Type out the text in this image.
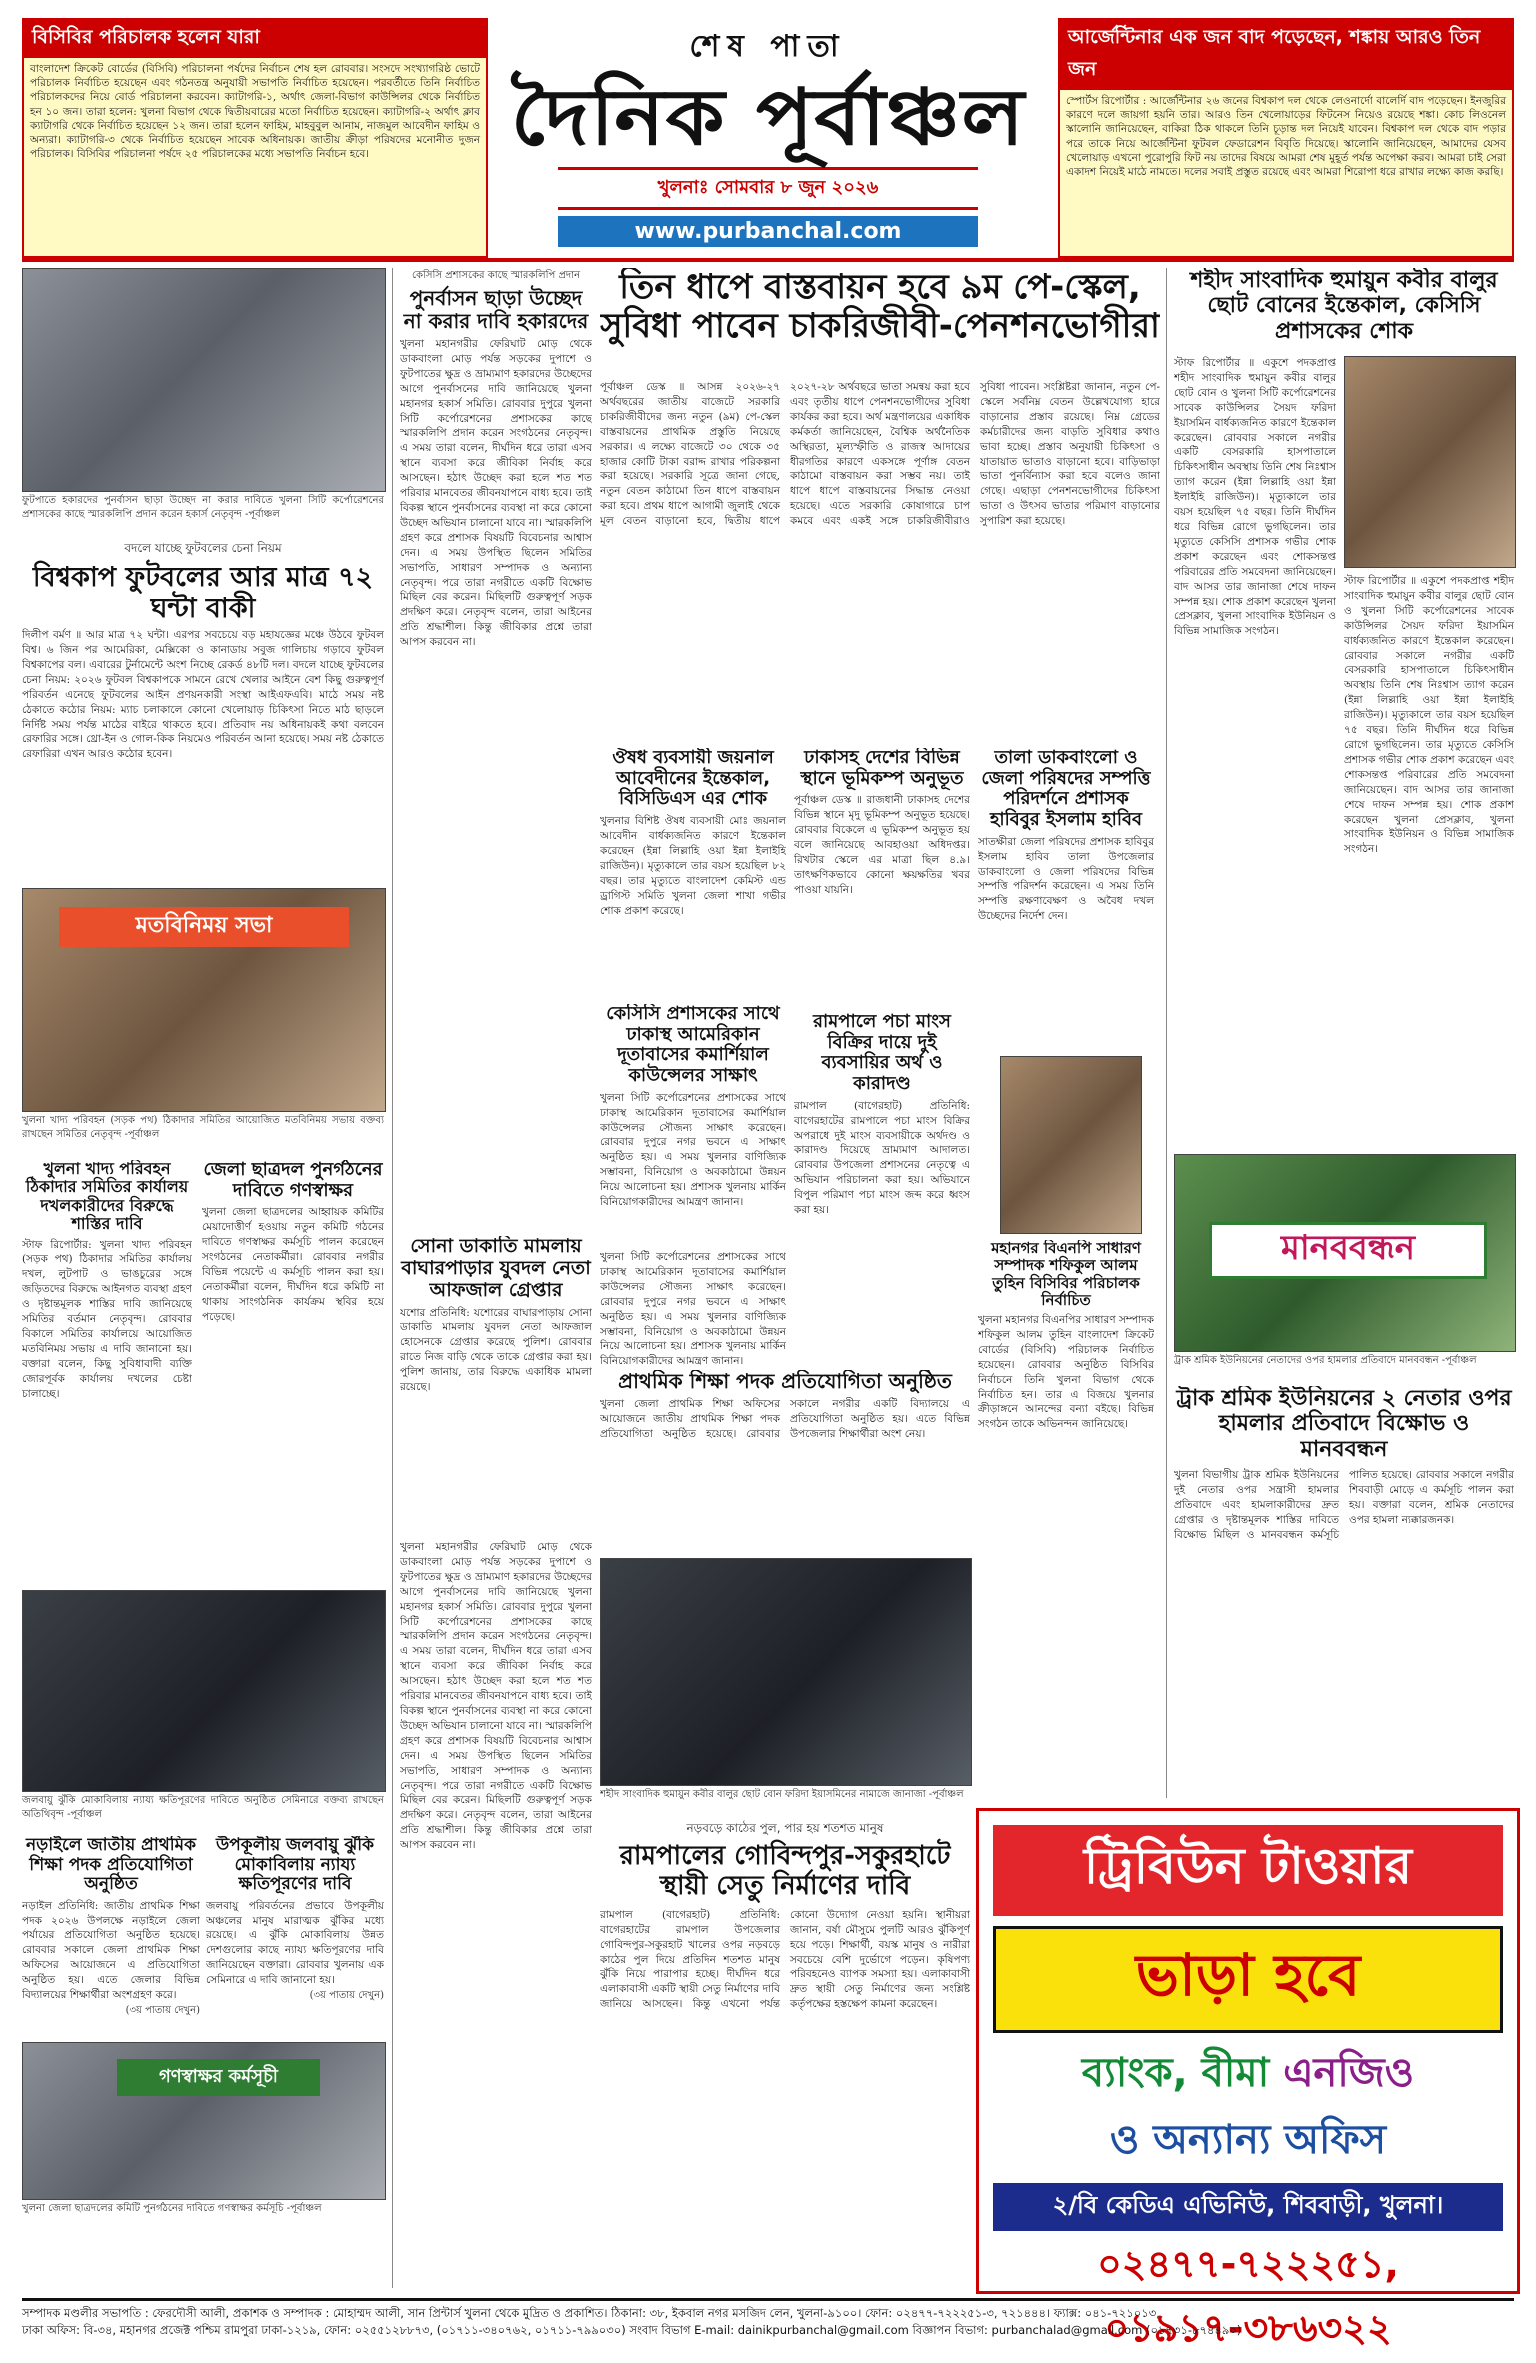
বিসিবির পরিচালক হলেন যারা
বাংলাদেশ ক্রিকেট বোর্ডের (বিসিবি) পরিচালনা পর্ষদের নির্বাচন শেষ হল রোববার। সংসদে সংখ্যাগরিষ্ঠ ভোটে পরিচালক নির্বাচিত হয়েছেন এবং গঠনতন্ত্র অনুযায়ী সভাপতি নির্বাচিত হয়েছেন। পরবর্তীতে তিনি নির্বাচিত পরিচালকদের নিয়ে বোর্ড পরিচালনা করবেন। ক্যাটাগরি-১, অর্থাৎ জেলা-বিভাগ কাউন্সিলর থেকে নির্বাচিত হন ১০ জন। তারা হলেন: খুলনা বিভাগ থেকে দ্বিতীয়বারের মতো নির্বাচিত হয়েছেন। ক্যাটাগরি-২ অর্থাৎ ক্লাব ক্যাটাগরি থেকে নির্বাচিত হয়েছেন ১২ জন। তারা হলেন ফাহিম, মাহবুবুল আনাম, নাজমুল আবেদীন ফাহিম ও অন্যরা। ক্যাটাগরি-৩ থেকে নির্বাচিত হয়েছেন সাবেক অধিনায়ক। জাতীয় ক্রীড়া পরিষদের মনোনীত দুজন পরিচালক। বিসিবির পরিচালনা পর্ষদে ২৫ পরিচালকের মধ্যে সভাপতি নির্বাচন হবে।
শেষ পাতা
দৈনিক পূর্বাঞ্চল
খুলনাঃ সোমবার ৮ জুন ২০২৬
www.purbanchal.com
আর্জেন্টিনার এক জন বাদ পড়েছেন, শঙ্কায় আরও তিন জন
স্পোর্টস রিপোর্টার : আর্জেন্টিনার ২৬ জনের বিশ্বকাপ দল থেকে লেওনার্দো বালের্দি বাদ পড়েছেন। ইনজুরির কারণে দলে জায়গা হয়নি তার। আরও তিন খেলোয়াড়ের ফিটনেস নিয়েও রয়েছে শঙ্কা। কোচ লিওনেল স্কালোনি জানিয়েছেন, বাকিরা ঠিক থাকলে তিনি চূড়ান্ত দল নিয়েই যাবেন। বিশ্বকাপ দল থেকে বাদ পড়ার পরে তাকে নিয়ে আর্জেন্টিনা ফুটবল ফেডারেশন বিবৃতি দিয়েছে। স্কালোনি জানিয়েছেন, আমাদের যেসব খেলোয়াড় এখনো পুরোপুরি ফিট নয় তাদের বিষয়ে আমরা শেষ মুহূর্ত পর্যন্ত অপেক্ষা করব। আমরা চাই সেরা একাদশ নিয়েই মাঠে নামতে। দলের সবাই প্রস্তুত রয়েছে এবং আমরা শিরোপা ধরে রাখার লক্ষ্যে কাজ করছি।
ফুটপাতে হকারদের পুনর্বাসন ছাড়া উচ্ছেদ না করার দাবিতে খুলনা সিটি কর্পোরেশনের প্রশাসকের কাছে স্মারকলিপি প্রদান করেন হকার্স নেতৃবৃন্দ -পূর্বাঞ্চল
বদলে যাচ্ছে ফুটবলের চেনা নিয়ম
বিশ্বকাপ ফুটবলের আর মাত্র ৭২ ঘন্টা বাকী
দিলীপ বর্মণ ॥ আর মাত্র ৭২ ঘন্টা। এরপর সবচেয়ে বড় মহাযজ্ঞের মঞ্চে উঠবে ফুটবল বিশ্ব। ৬ জিন পর আমেরিকা, মেক্সিকো ও কানাডায় সবুজ গালিচায় গড়াবে ফুটবল বিশ্বকাপের বল। এবারের টুর্নামেন্টে অংশ নিচ্ছে রেকর্ড ৪৮টি দল। বদলে যাচ্ছে ফুটবলের চেনা নিয়ম: ২০২৬ ফুটবল বিশ্বকাপকে সামনে রেখে খেলার আইনে বেশ কিছু গুরুত্বপূর্ণ পরিবর্তন এনেছে ফুটবলের আইন প্রণয়নকারী সংস্থা আইএফএবি। মাঠে সময় নষ্ট ঠেকাতে কঠোর নিয়ম: ম্যাচ চলাকালে কোনো খেলোয়াড় চিকিৎসা নিতে মাঠ ছাড়লে নির্দিষ্ট সময় পর্যন্ত মাঠের বাইরে থাকতে হবে। প্রতিবাদ নয় অধিনায়কই কথা বলবেন রেফারির সঙ্গে। থ্রো-ইন ও গোল-কিক নিয়মেও পরিবর্তন আনা হয়েছে। সময় নষ্ট ঠেকাতে রেফারিরা এখন আরও কঠোর হবেন।
মতবিনিময় সভা
খুলনা খাদ্য পরিবহন (সড়ক পথ) ঠিকাদার সমিতির আয়োজিত মতবিনিময় সভায় বক্তব্য রাখছেন সমিতির নেতৃবৃন্দ -পূর্বাঞ্চল
খুলনা খাদ্য পরিবহন ঠিকাদার সমিতির কার্যালয় দখলকারীদের বিরুদ্ধে শাস্তির দাবি
স্টাফ রিপোর্টার: খুলনা খাদ্য পরিবহন (সড়ক পথ) ঠিকাদার সমিতির কার্যালয় দখল, লুটপাট ও ভাঙচুরের সঙ্গে জড়িতদের বিরুদ্ধে আইনগত ব্যবস্থা গ্রহণ ও দৃষ্টান্তমূলক শাস্তির দাবি জানিয়েছে সমিতির বর্তমান নেতৃবৃন্দ। রোববার বিকালে সমিতির কার্যালয়ে আয়োজিত মতবিনিময় সভায় এ দাবি জানানো হয়। বক্তারা বলেন, কিছু সুবিধাবাদী ব্যক্তি জোরপূর্বক কার্যালয় দখলের চেষ্টা চালাচ্ছে।
জেলা ছাত্রদল পুনর্গঠনের দাবিতে গণস্বাক্ষর
খুলনা জেলা ছাত্রদলের আহ্বায়ক কমিটির মেয়াদোত্তীর্ণ হওয়ায় নতুন কমিটি গঠনের দাবিতে গণস্বাক্ষর কর্মসূচি পালন করেছেন সংগঠনের নেতাকর্মীরা। রোববার নগরীর বিভিন্ন পয়েন্টে এ কর্মসূচি পালন করা হয়। নেতাকর্মীরা বলেন, দীর্ঘদিন ধরে কমিটি না থাকায় সাংগঠনিক কার্যক্রম স্থবির হয়ে পড়েছে।
জলবায়ু ঝুঁকি মোকাবিলায় ন্যায্য ক্ষতিপূরণের দাবিতে অনুষ্ঠিত সেমিনারে বক্তব্য রাখছেন অতিথিবৃন্দ -পূর্বাঞ্চল
নড়াইলে জাতীয় প্রাথমিক শিক্ষা পদক প্রতিযোগিতা অনুষ্ঠিত
নড়াইল প্রতিনিধি: জাতীয় প্রাথমিক শিক্ষা পদক ২০২৬ উপলক্ষে নড়াইলে জেলা পর্যায়ের প্রতিযোগিতা অনুষ্ঠিত হয়েছে। রোববার সকালে জেলা প্রাথমিক শিক্ষা অফিসের আয়োজনে এ প্রতিযোগিতা অনুষ্ঠিত হয়। এতে জেলার বিভিন্ন বিদ্যালয়ের শিক্ষার্থীরা অংশগ্রহণ করে।
(৩য় পাতায় দেখুন)
উপকূলীয় জলবায়ু ঝুঁকি মোকাবিলায় ন্যায্য ক্ষতিপূরণের দাবি
জলবায়ু পরিবর্তনের প্রভাবে উপকূলীয় অঞ্চলের মানুষ মারাত্মক ঝুঁকির মধ্যে রয়েছে। এ ঝুঁকি মোকাবিলায় উন্নত দেশগুলোর কাছে ন্যায্য ক্ষতিপূরণের দাবি জানিয়েছেন বক্তারা। রোববার খুলনায় এক সেমিনারে এ দাবি জানানো হয়।
(৩য় পাতায় দেখুন)
গণস্বাক্ষর কর্মসূচী
খুলনা জেলা ছাত্রদলের কমিটি পুনর্গঠনের দাবিতে গণস্বাক্ষর কর্মসূচি -পূর্বাঞ্চল
কেসিসি প্রশাসকের কাছে স্মারকলিপি প্রদান
পুনর্বাসন ছাড়া উচ্ছেদ না করার দাবি হকারদের
খুলনা মহানগরীর ফেরিঘাট মোড় থেকে ডাকবাংলা মোড় পর্যন্ত সড়কের দুপাশে ও ফুটপাতের ক্ষুদ্র ও ভ্রাম্যমাণ হকারদের উচ্ছেদের আগে পুনর্বাসনের দাবি জানিয়েছে খুলনা মহানগর হকার্স সমিতি। রোববার দুপুরে খুলনা সিটি কর্পোরেশনের প্রশাসকের কাছে স্মারকলিপি প্রদান করেন সংগঠনের নেতৃবৃন্দ। এ সময় তারা বলেন, দীর্ঘদিন ধরে তারা এসব স্থানে ব্যবসা করে জীবিকা নির্বাহ করে আসছেন। হঠাৎ উচ্ছেদ করা হলে শত শত পরিবার মানবেতর জীবনযাপনে বাধ্য হবে। তাই বিকল্প স্থানে পুনর্বাসনের ব্যবস্থা না করে কোনো উচ্ছেদ অভিযান চালানো যাবে না। স্মারকলিপি গ্রহণ করে প্রশাসক বিষয়টি বিবেচনার আশ্বাস দেন। এ সময় উপস্থিত ছিলেন সমিতির সভাপতি, সাধারণ সম্পাদক ও অন্যান্য নেতৃবৃন্দ। পরে তারা নগরীতে একটি বিক্ষোভ মিছিল বের করেন। মিছিলটি গুরুত্বপূর্ণ সড়ক প্রদক্ষিণ করে। নেতৃবৃন্দ বলেন, তারা আইনের প্রতি শ্রদ্ধাশীল। কিন্তু জীবিকার প্রশ্নে তারা আপস করবেন না।
সোনা ডাকাতি মামলায় বাঘারপাড়ার যুবদল নেতা আফজাল গ্রেপ্তার
যশোর প্রতিনিধি: যশোরের বাঘারপাড়ায় সোনা ডাকাতি মামলায় যুবদল নেতা আফজাল হোসেনকে গ্রেপ্তার করেছে পুলিশ। রোববার রাতে নিজ বাড়ি থেকে তাকে গ্রেপ্তার করা হয়। পুলিশ জানায়, তার বিরুদ্ধে একাধিক মামলা রয়েছে।
খুলনা মহানগরীর ফেরিঘাট মোড় থেকে ডাকবাংলা মোড় পর্যন্ত সড়কের দুপাশে ও ফুটপাতের ক্ষুদ্র ও ভ্রাম্যমাণ হকারদের উচ্ছেদের আগে পুনর্বাসনের দাবি জানিয়েছে খুলনা মহানগর হকার্স সমিতি। রোববার দুপুরে খুলনা সিটি কর্পোরেশনের প্রশাসকের কাছে স্মারকলিপি প্রদান করেন সংগঠনের নেতৃবৃন্দ। এ সময় তারা বলেন, দীর্ঘদিন ধরে তারা এসব স্থানে ব্যবসা করে জীবিকা নির্বাহ করে আসছেন। হঠাৎ উচ্ছেদ করা হলে শত শত পরিবার মানবেতর জীবনযাপনে বাধ্য হবে। তাই বিকল্প স্থানে পুনর্বাসনের ব্যবস্থা না করে কোনো উচ্ছেদ অভিযান চালানো যাবে না। স্মারকলিপি গ্রহণ করে প্রশাসক বিষয়টি বিবেচনার আশ্বাস দেন। এ সময় উপস্থিত ছিলেন সমিতির সভাপতি, সাধারণ সম্পাদক ও অন্যান্য নেতৃবৃন্দ। পরে তারা নগরীতে একটি বিক্ষোভ মিছিল বের করেন। মিছিলটি গুরুত্বপূর্ণ সড়ক প্রদক্ষিণ করে। নেতৃবৃন্দ বলেন, তারা আইনের প্রতি শ্রদ্ধাশীল। কিন্তু জীবিকার প্রশ্নে তারা আপস করবেন না।
তিন ধাপে বাস্তবায়ন হবে ৯ম পে-স্কেল,
সুবিধা পাবেন চাকরিজীবী-পেনশনভোগীরা
পূর্বাঞ্চল ডেস্ক ॥ আসন্ন ২০২৬-২৭ অর্থবছরের জাতীয় বাজেটে সরকারি চাকরিজীবীদের জন্য নতুন (৯ম) পে-স্কেল বাস্তবায়নের প্রাথমিক প্রস্তুতি নিয়েছে সরকার। এ লক্ষ্যে বাজেটে ৩০ থেকে ৩৫ হাজার কোটি টাকা বরাদ্দ রাখার পরিকল্পনা করা হয়েছে। সরকারি সূত্রে জানা গেছে, নতুন বেতন কাঠামো তিন ধাপে বাস্তবায়ন করা হবে। প্রথম ধাপে আগামী জুলাই থেকে মূল বেতন বাড়ানো হবে, দ্বিতীয় ধাপে ২০২৭-২৮ অর্থবছরে ভাতা সমন্বয় করা হবে এবং তৃতীয় ধাপে পেনশনভোগীদের সুবিধা কার্যকর করা হবে। অর্থ মন্ত্রণালয়ের একাধিক কর্মকর্তা জানিয়েছেন, বৈশ্বিক অর্থনৈতিক অস্থিরতা, মূল্যস্ফীতি ও রাজস্ব আদায়ের ধীরগতির কারণে একসঙ্গে পূর্ণাঙ্গ বেতন কাঠামো বাস্তবায়ন করা সম্ভব নয়। তাই ধাপে ধাপে বাস্তবায়নের সিদ্ধান্ত নেওয়া হয়েছে। এতে সরকারি কোষাগারে চাপ কমবে এবং একই সঙ্গে চাকরিজীবীরাও সুবিধা পাবেন। সংশ্লিষ্টরা জানান, নতুন পে-স্কেলে সর্বনিম্ন বেতন উল্লেখযোগ্য হারে বাড়ানোর প্রস্তাব রয়েছে। নিম্ন গ্রেডের কর্মচারীদের জন্য বাড়তি সুবিধার কথাও ভাবা হচ্ছে। প্রস্তাব অনুযায়ী চিকিৎসা ও যাতায়াত ভাতাও বাড়ানো হবে। বাড়িভাড়া ভাতা পুনর্বিন্যাস করা হবে বলেও জানা গেছে। এছাড়া পেনশনভোগীদের চিকিৎসা ভাতা ও উৎসব ভাতার পরিমাণ বাড়ানোর সুপারিশ করা হয়েছে।
ঔষধ ব্যবসায়ী জয়নাল আবেদীনের ইন্তেকাল, বিসিডিএস এর শোক
খুলনার বিশিষ্ট ঔষধ ব্যবসায়ী মোঃ জয়নাল আবেদীন বার্ধক্যজনিত কারণে ইন্তেকাল করেছেন (ইন্না লিল্লাহি ওয়া ইন্না ইলাইহি রাজিউন)। মৃত্যুকালে তার বয়স হয়েছিল ৮২ বছর। তার মৃত্যুতে বাংলাদেশ কেমিস্ট এন্ড ড্রাগিস্ট সমিতি খুলনা জেলা শাখা গভীর শোক প্রকাশ করেছে।
কেসিসি প্রশাসকের সাথে ঢাকাস্থ আমেরিকান দূতাবাসের কমার্শিয়াল কাউন্সেলর সাক্ষাৎ
খুলনা সিটি কর্পোরেশনের প্রশাসকের সাথে ঢাকাস্থ আমেরিকান দূতাবাসের কমার্শিয়াল কাউন্সেলর সৌজন্য সাক্ষাৎ করেছেন। রোববার দুপুরে নগর ভবনে এ সাক্ষাৎ অনুষ্ঠিত হয়। এ সময় খুলনার বাণিজ্যিক সম্ভাবনা, বিনিয়োগ ও অবকাঠামো উন্নয়ন নিয়ে আলোচনা হয়। প্রশাসক খুলনায় মার্কিন বিনিয়োগকারীদের আমন্ত্রণ জানান।
খুলনা সিটি কর্পোরেশনের প্রশাসকের সাথে ঢাকাস্থ আমেরিকান দূতাবাসের কমার্শিয়াল কাউন্সেলর সৌজন্য সাক্ষাৎ করেছেন। রোববার দুপুরে নগর ভবনে এ সাক্ষাৎ অনুষ্ঠিত হয়। এ সময় খুলনার বাণিজ্যিক সম্ভাবনা, বিনিয়োগ ও অবকাঠামো উন্নয়ন নিয়ে আলোচনা হয়। প্রশাসক খুলনায় মার্কিন বিনিয়োগকারীদের আমন্ত্রণ জানান।
ঢাকাসহ দেশের বিভিন্ন স্থানে ভূমিকম্প অনুভূত
পূর্বাঞ্চল ডেস্ক ॥ রাজধানী ঢাকাসহ দেশের বিভিন্ন স্থানে মৃদু ভূমিকম্প অনুভূত হয়েছে। রোববার বিকেলে এ ভূমিকম্প অনুভূত হয় বলে জানিয়েছে আবহাওয়া অধিদপ্তর। রিখটার স্কেলে এর মাত্রা ছিল ৪.৯। তাৎক্ষণিকভাবে কোনো ক্ষয়ক্ষতির খবর পাওয়া যায়নি।
রামপালে পচা মাংস বিক্রির দায়ে দুই ব্যবসায়ির অর্থ ও কারাদণ্ড
রামপাল (বাগেরহাট) প্রতিনিধি: বাগেরহাটের রামপালে পচা মাংস বিক্রির অপরাধে দুই মাংস ব্যবসায়ীকে অর্থদণ্ড ও কারাদণ্ড দিয়েছে ভ্রাম্যমাণ আদালত। রোববার উপজেলা প্রশাসনের নেতৃত্বে এ অভিযান পরিচালনা করা হয়। অভিযানে বিপুল পরিমাণ পচা মাংস জব্দ করে ধ্বংস করা হয়।
প্রাথমিক শিক্ষা পদক প্রতিযোগিতা অনুষ্ঠিত
খুলনা জেলা প্রাথমিক শিক্ষা অফিসের আয়োজনে জাতীয় প্রাথমিক শিক্ষা পদক প্রতিযোগিতা অনুষ্ঠিত হয়েছে। রোববার সকালে নগরীর একটি বিদ্যালয়ে এ প্রতিযোগিতা অনুষ্ঠিত হয়। এতে বিভিন্ন উপজেলার শিক্ষার্থীরা অংশ নেয়।
শহীদ সাংবাদিক হুমায়ুন কবীর বালুর ছোট বোন ফরিদা ইয়াসমিনের নামাজে জানাজা -পূর্বাঞ্চল
নড়বড়ে কাঠের পুল, পার হয় শতশত মানুষ
রামপালের গোবিন্দপুর-সকুরহাটে স্থায়ী সেতু নির্মাণের দাবি
রামপাল (বাগেরহাট) প্রতিনিধি: বাগেরহাটের রামপাল উপজেলার গোবিন্দপুর-সকুরহাট খালের ওপর নড়বড়ে কাঠের পুল দিয়ে প্রতিদিন শতশত মানুষ ঝুঁকি নিয়ে পারাপার হচ্ছে। দীর্ঘদিন ধরে এলাকাবাসী একটি স্থায়ী সেতু নির্মাণের দাবি জানিয়ে আসছেন। কিন্তু এখনো পর্যন্ত কোনো উদ্যোগ নেওয়া হয়নি। স্থানীয়রা জানান, বর্ষা মৌসুমে পুলটি আরও ঝুঁকিপূর্ণ হয়ে পড়ে। শিক্ষার্থী, বয়স্ক মানুষ ও নারীরা সবচেয়ে বেশি দুর্ভোগে পড়েন। কৃষিপণ্য পরিবহনেও ব্যাপক সমস্যা হয়। এলাকাবাসী দ্রুত স্থায়ী সেতু নির্মাণের জন্য সংশ্লিষ্ট কর্তৃপক্ষের হস্তক্ষেপ কামনা করেছেন।
তালা ডাকবাংলো ও জেলা পরিষদের সম্পত্তি পরিদর্শনে প্রশাসক হাবিবুর ইসলাম হাবিব
সাতক্ষীরা জেলা পরিষদের প্রশাসক হাবিবুর ইসলাম হাবিব তালা উপজেলার ডাকবাংলো ও জেলা পরিষদের বিভিন্ন সম্পত্তি পরিদর্শন করেছেন। এ সময় তিনি সম্পত্তি রক্ষণাবেক্ষণ ও অবৈধ দখল উচ্ছেদের নির্দেশ দেন।
মহানগর বিএনপি সাধারণ সম্পাদক শফিকুল আলম তুহিন বিসিবির পরিচালক নির্বাচিত
খুলনা মহানগর বিএনপির সাধারণ সম্পাদক শফিকুল আলম তুহিন বাংলাদেশ ক্রিকেট বোর্ডের (বিসিবি) পরিচালক নির্বাচিত হয়েছেন। রোববার অনুষ্ঠিত বিসিবির নির্বাচনে তিনি খুলনা বিভাগ থেকে নির্বাচিত হন। তার এ বিজয়ে খুলনার ক্রীড়াঙ্গনে আনন্দের বন্যা বইছে। বিভিন্ন সংগঠন তাকে অভিনন্দন জানিয়েছে।
শহীদ সাংবাদিক হুমায়ুন কবীর বালুর ছোট বোনের ইন্তেকাল, কেসিসি প্রশাসকের শোক
স্টাফ রিপোর্টার ॥ একুশে পদকপ্রাপ্ত শহীদ সাংবাদিক হুমায়ুন কবীর বালুর ছোট বোন ও খুলনা সিটি কর্পোরেশনের সাবেক কাউন্সিলর সৈয়দ ফরিদা ইয়াসমিন বার্ধক্যজনিত কারণে ইন্তেকাল করেছেন। রোববার সকালে নগরীর একটি বেসরকারি হাসপাতালে চিকিৎসাধীন অবস্থায় তিনি শেষ নিঃশ্বাস ত্যাগ করেন (ইন্না লিল্লাহি ওয়া ইন্না ইলাইহি রাজিউন)। মৃত্যুকালে তার বয়স হয়েছিল ৭৫ বছর। তিনি দীর্ঘদিন ধরে বিভিন্ন রোগে ভুগছিলেন। তার মৃত্যুতে কেসিসি প্রশাসক গভীর শোক প্রকাশ করেছেন এবং শোকসন্তপ্ত পরিবারের প্রতি সমবেদনা জানিয়েছেন। বাদ আসর তার জানাজা শেষে দাফন সম্পন্ন হয়। শোক প্রকাশ করেছেন খুলনা প্রেসক্লাব, খুলনা সাংবাদিক ইউনিয়ন ও বিভিন্ন সামাজিক সংগঠন।
স্টাফ রিপোর্টার ॥ একুশে পদকপ্রাপ্ত শহীদ সাংবাদিক হুমায়ুন কবীর বালুর ছোট বোন ও খুলনা সিটি কর্পোরেশনের সাবেক কাউন্সিলর সৈয়দ ফরিদা ইয়াসমিন বার্ধক্যজনিত কারণে ইন্তেকাল করেছেন। রোববার সকালে নগরীর একটি বেসরকারি হাসপাতালে চিকিৎসাধীন অবস্থায় তিনি শেষ নিঃশ্বাস ত্যাগ করেন (ইন্না লিল্লাহি ওয়া ইন্না ইলাইহি রাজিউন)। মৃত্যুকালে তার বয়স হয়েছিল ৭৫ বছর। তিনি দীর্ঘদিন ধরে বিভিন্ন রোগে ভুগছিলেন। তার মৃত্যুতে কেসিসি প্রশাসক গভীর শোক প্রকাশ করেছেন এবং শোকসন্তপ্ত পরিবারের প্রতি সমবেদনা জানিয়েছেন। বাদ আসর তার জানাজা শেষে দাফন সম্পন্ন হয়। শোক প্রকাশ করেছেন খুলনা প্রেসক্লাব, খুলনা সাংবাদিক ইউনিয়ন ও বিভিন্ন সামাজিক সংগঠন।
মানববন্ধন
ট্রাক শ্রমিক ইউনিয়নের নেতাদের ওপর হামলার প্রতিবাদে মানববন্ধন -পূর্বাঞ্চল
ট্রাক শ্রমিক ইউনিয়নের ২ নেতার ওপর হামলার প্রতিবাদে বিক্ষোভ ও মানববন্ধন
খুলনা বিভাগীয় ট্রাক শ্রমিক ইউনিয়নের দুই নেতার ওপর সন্ত্রাসী হামলার প্রতিবাদে এবং হামলাকারীদের দ্রুত গ্রেপ্তার ও দৃষ্টান্তমূলক শাস্তির দাবিতে বিক্ষোভ মিছিল ও মানববন্ধন কর্মসূচি পালিত হয়েছে। রোববার সকালে নগরীর শিববাড়ী মোড়ে এ কর্মসূচি পালন করা হয়। বক্তারা বলেন, শ্রমিক নেতাদের ওপর হামলা ন্যক্কারজনক।
ট্রিবিউন টাওয়ার
ভাড়া হবে
ব্যাংক, বীমা এনজিও
ও অন্যান্য অফিস
২/বি কেডিএ এভিনিউ, শিববাড়ী, খুলনা।
০২৪৭৭-৭২২২৫১, ০১৯১৭-৩৮৬৩২২
সম্পাদক মণ্ডলীর সভাপতি : ফেরদৌসী আলী, প্রকাশক ও সম্পাদক : মোহাম্মদ আলী, সান প্রিন্টার্স খুলনা থেকে মুদ্রিত ও প্রকাশিত। ঠিকানা: ৩৮, ইকবাল নগর মসজিদ লেন, খুলনা-৯১০০। ফোন: ০২৪৭৭-৭২২২৫১-৩, ৭২১৪৪৪। ফ্যাক্স: ০৪১-৭২১০১৩,
ঢাকা অফিস: বি-৩৪, মহানগর প্রজেক্ট পশ্চিম রামপুরা ঢাকা-১২১৯, ফোন: ০২৫৫১২৮৮৭৩, (০১৭১১-৩৪০৭৬২, ০১৭১১-৭৯৯০৩০) সংবাদ বিভাগ E-mail: dainikpurbanchal@gmail.com বিজ্ঞাপন বিভাগ: purbanchalad@gmail.com (০১৭৩১-৮৭৪৪৯০)
